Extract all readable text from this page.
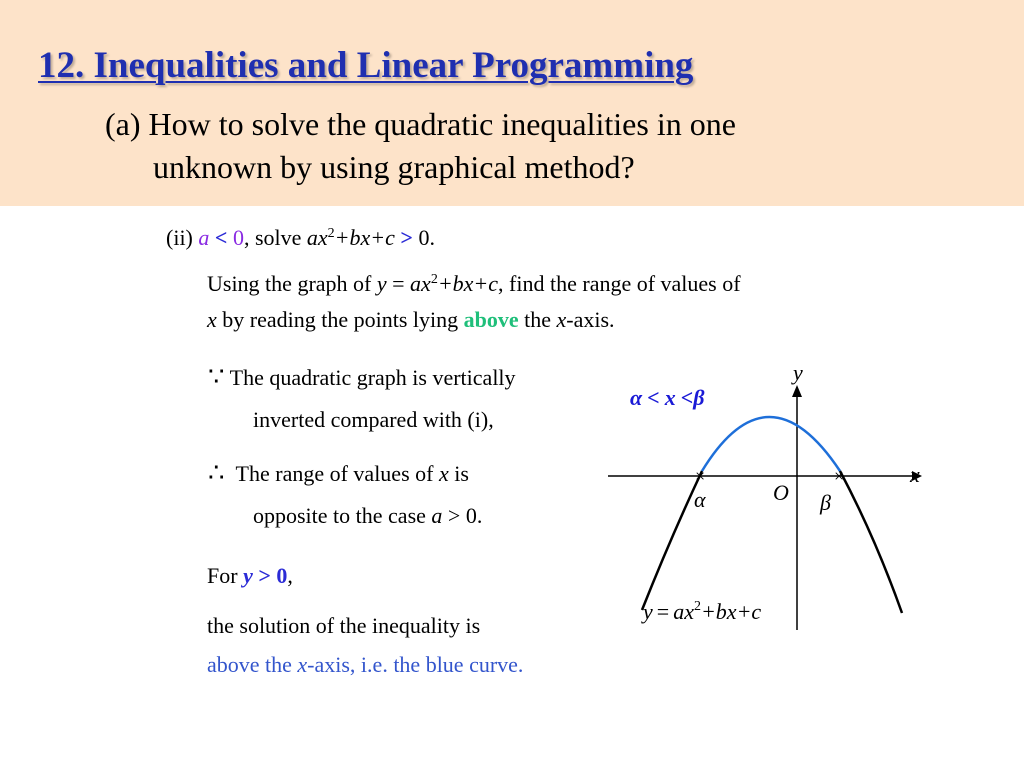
12. Inequalities and Linear Programming
(a) How to solve the quadratic inequalities in one
unknown by using graphical method?
(ii) a < 0, solve $ax^2+bx+c > 0$.
Using the graph of $y = ax^2+bx+c$, find the range of values of
x by reading the points lying above the x-axis.
∵ The quadratic graph is vertically
inverted compared with (i),
∴ The range of values of x is
opposite to the case a > 0.
For y > 0,
the solution of the inequality is
above the x-axis, i.e. the blue curve.
×	×
y
x
O
α	β
α < x <β
$y = ax^2+bx+c$
